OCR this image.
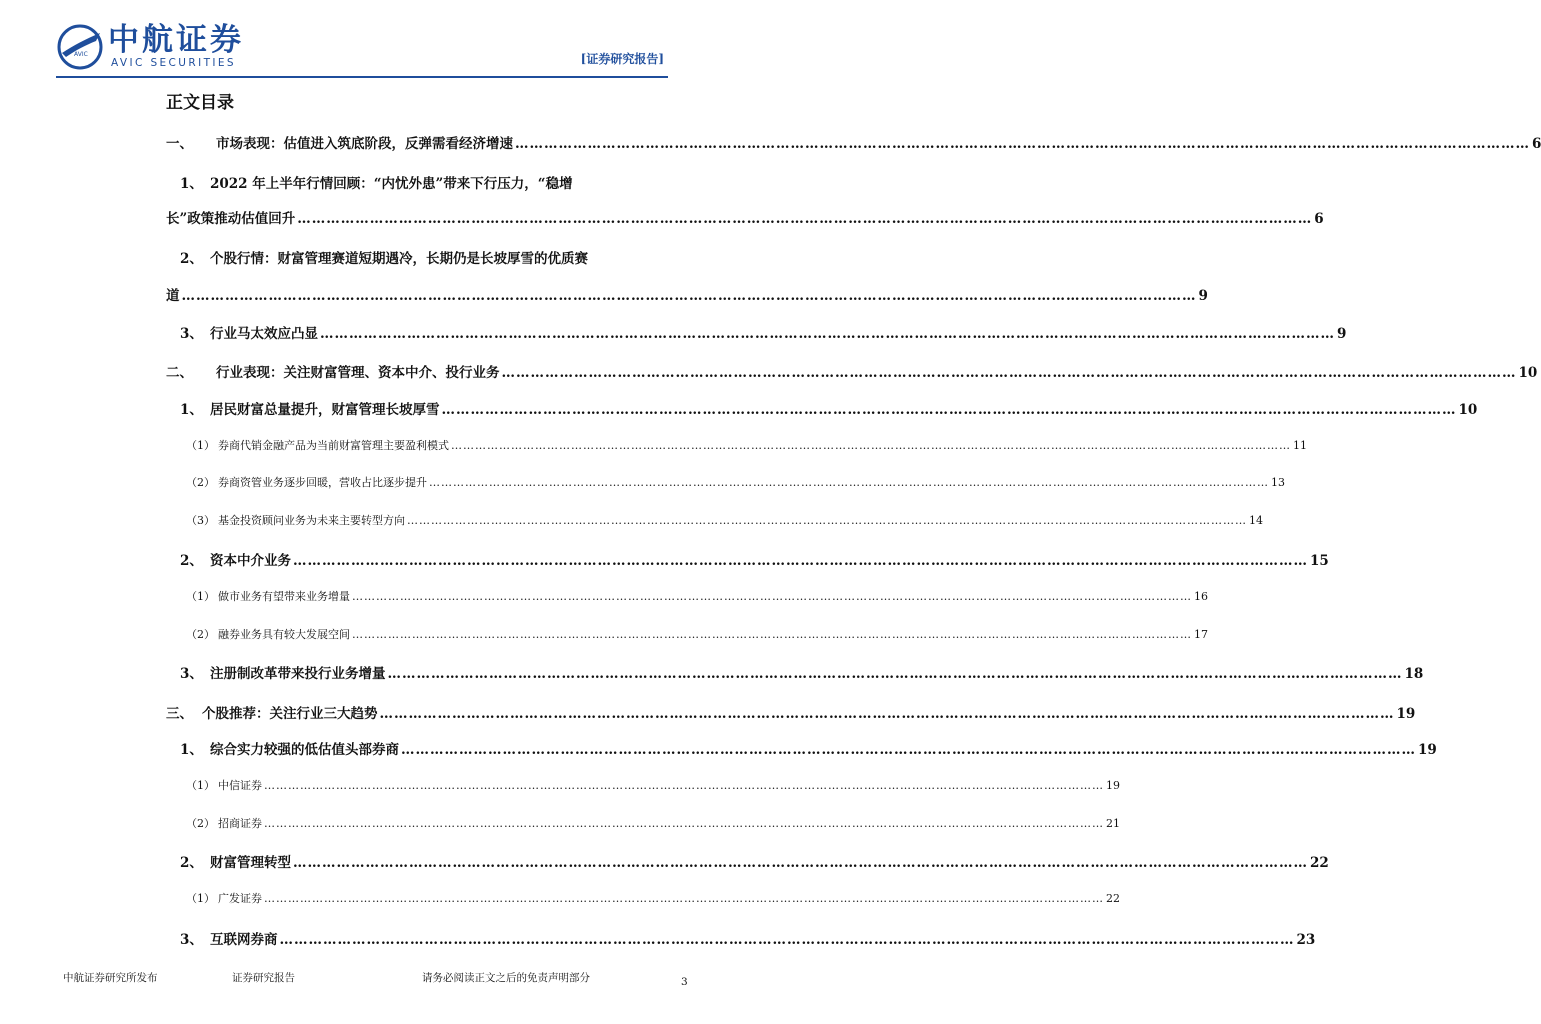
AVIC 中航证券
AVIC SECURITIES	[证券研究报告]
正文目录
一、	市场表现：估值进入筑底阶段，反弹需看经济增速 ………………………………………………………………………………………………………………………………………………………………………………………… 6
1、 2022 年上半年行情回顾：“内忧外患”带来下行压力，“稳增
长”政策推动估值回升 ………………………………………………………………………………………………………………………………………………………………………………………… 6
2、 个股行情：财富管理赛道短期遇冷，长期仍是长坡厚雪的优质赛
道 ………………………………………………………………………………………………………………………………………………………………………………………… 9
3、 行业马太效应凸显 ………………………………………………………………………………………………………………………………………………………………………………………… 9
二、	行业表现：关注财富管理、资本中介、投行业务 ………………………………………………………………………………………………………………………………………………………………………………………… 10
1、 居民财富总量提升，财富管理长坡厚雪 ………………………………………………………………………………………………………………………………………………………………………………………… 10
（1） 券商代销金融产品为当前财富管理主要盈利模式 ………………………………………………………………………………………………………………………………………………………………………………………… 11
（2） 券商资管业务逐步回暖，营收占比逐步提升 ………………………………………………………………………………………………………………………………………………………………………………………… 13
（3） 基金投资顾问业务为未来主要转型方向 ………………………………………………………………………………………………………………………………………………………………………………………… 14
2、 资本中介业务 ………………………………………………………………………………………………………………………………………………………………………………………… 15
（1） 做市业务有望带来业务增量 ………………………………………………………………………………………………………………………………………………………………………………………… 16
（2） 融券业务具有较大发展空间 ………………………………………………………………………………………………………………………………………………………………………………………… 17
3、 注册制改革带来投行业务增量 ………………………………………………………………………………………………………………………………………………………………………………………… 18
三、 个股推荐：关注行业三大趋势 ………………………………………………………………………………………………………………………………………………………………………………………… 19
1、 综合实力较强的低估值头部券商 ………………………………………………………………………………………………………………………………………………………………………………………… 19
（1） 中信证券 ………………………………………………………………………………………………………………………………………………………………………………………… 19
（2） 招商证券 ………………………………………………………………………………………………………………………………………………………………………………………… 21
2、 财富管理转型 ………………………………………………………………………………………………………………………………………………………………………………………… 22
（1） 广发证券 ………………………………………………………………………………………………………………………………………………………………………………………… 22
3、 互联网券商 ………………………………………………………………………………………………………………………………………………………………………………………… 23
中航证券研究所发布	证券研究报告	请务必阅读正文之后的免责声明部分	3
